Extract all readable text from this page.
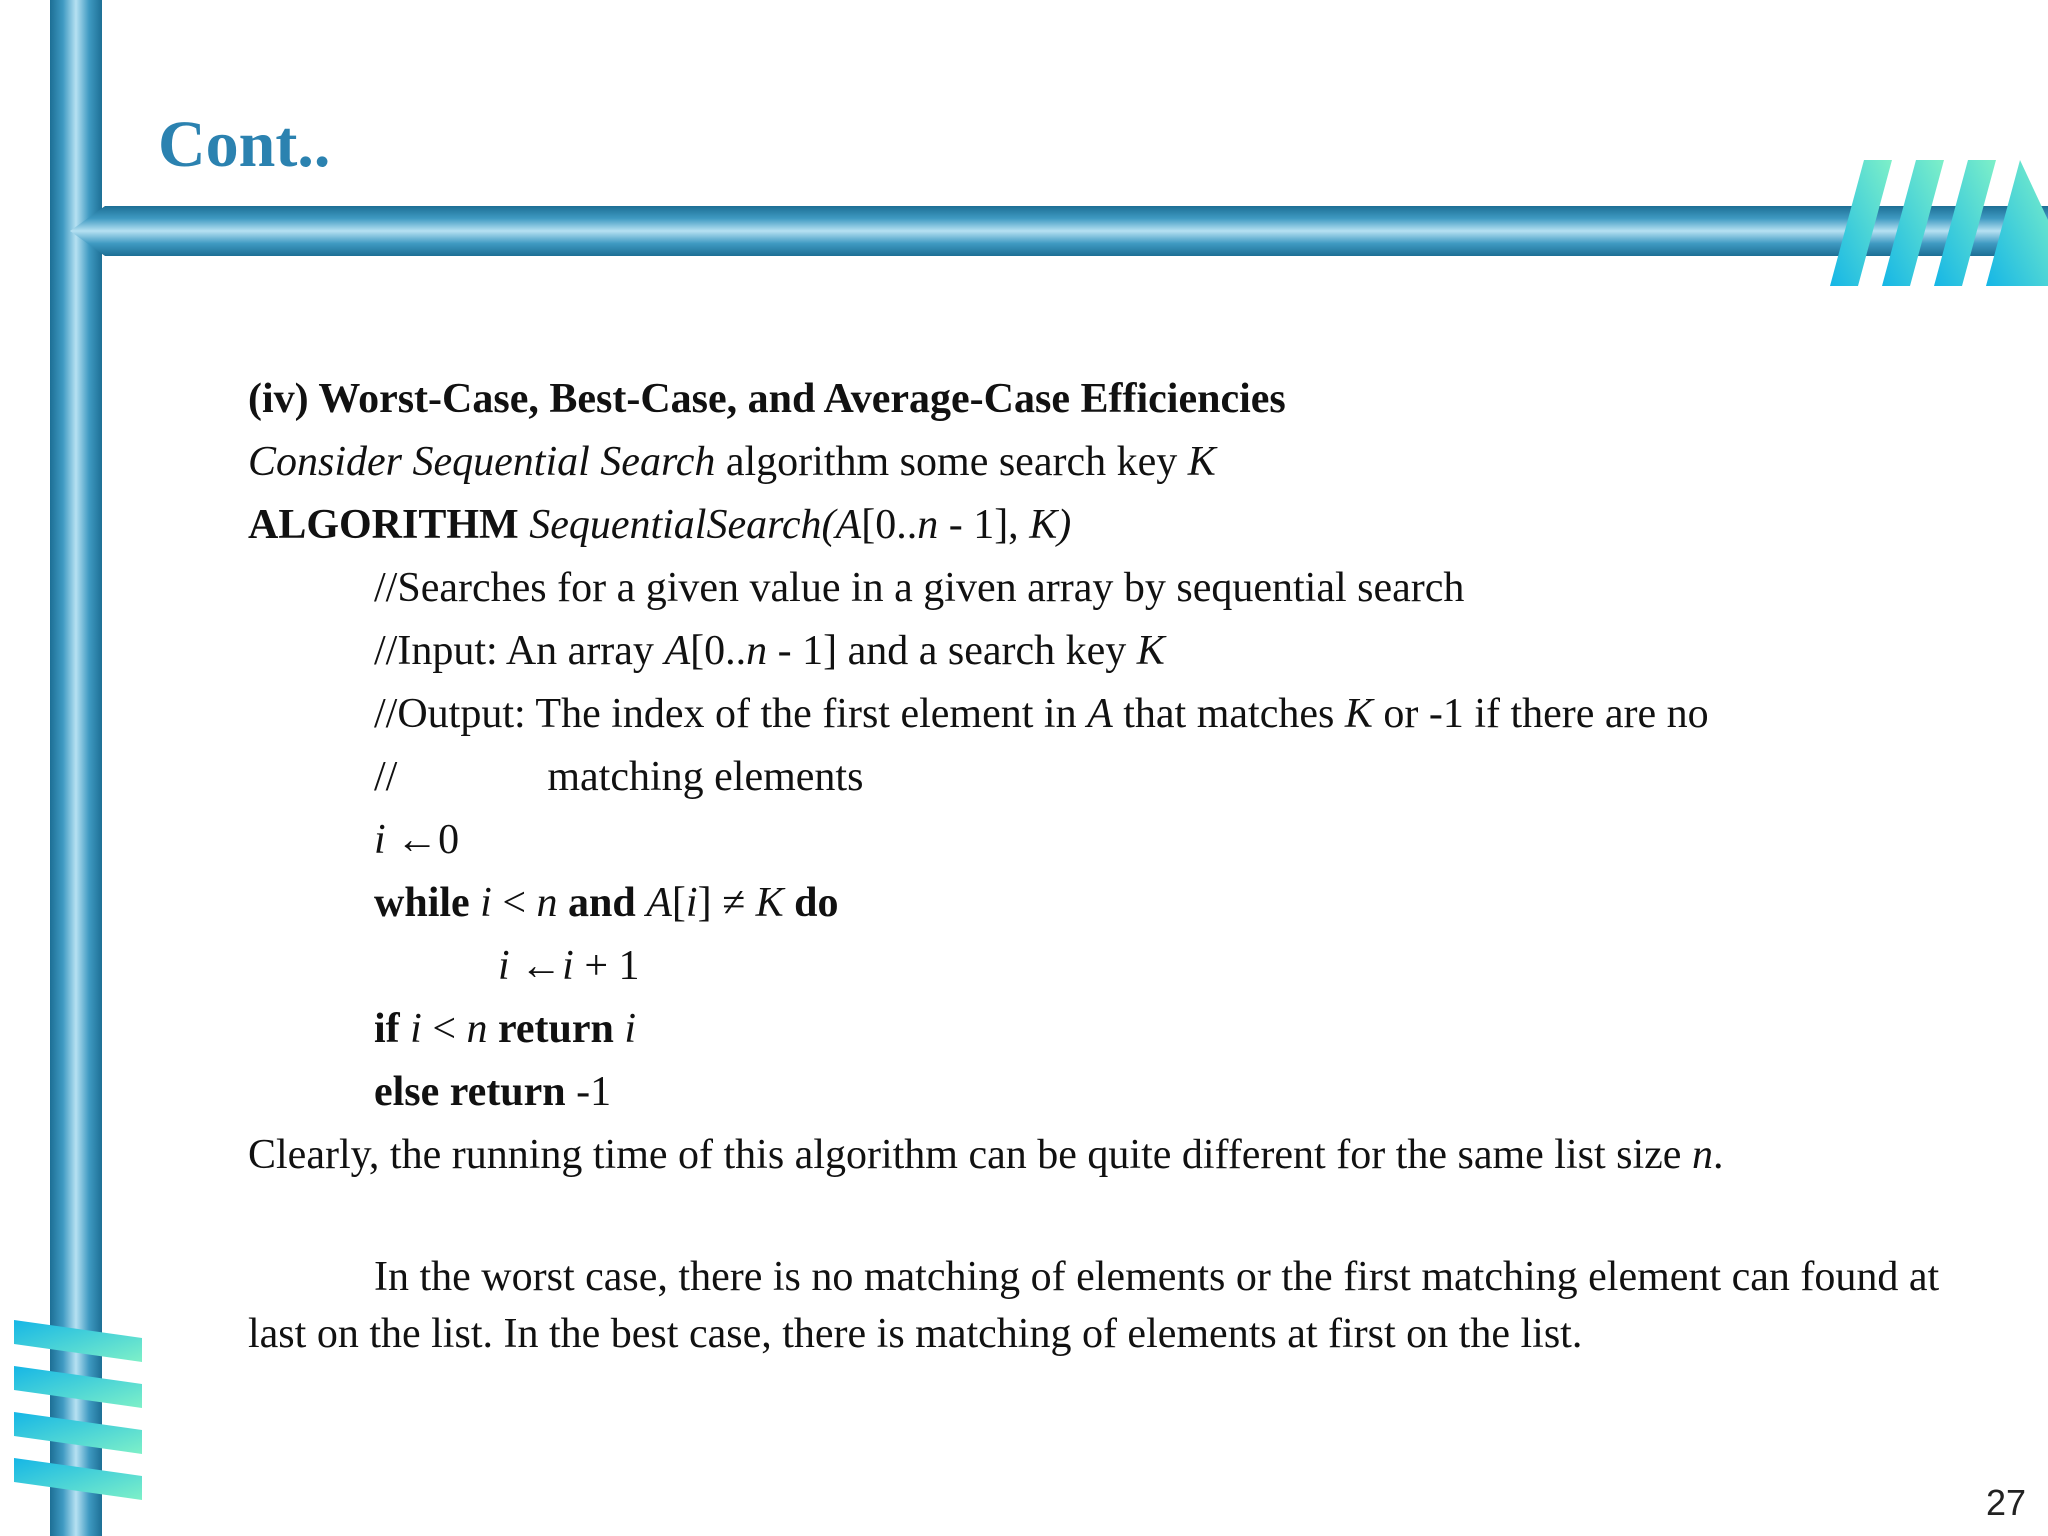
Cont..
(iv) Worst-Case, Best-Case, and Average-Case Efficiencies
Consider Sequential Search algorithm some search key K
ALGORITHM SequentialSearch(A[0..n - 1], K)
//Searches for a given value in a given array by sequential search
//Input: An array A[0..n - 1] and a search key K
//Output: The index of the first element in A that matches K or -1 if there are no
//	matching elements
i ←0
while i < n and A[i] ≠ K do
i ←i + 1
if i < n return i
else return -1
Clearly, the running time of this algorithm can be quite different for the same list size n.
In the worst case, there is no matching of elements or the first matching element can found at last on the list. In the best case, there is matching of elements at first on the list.
27
